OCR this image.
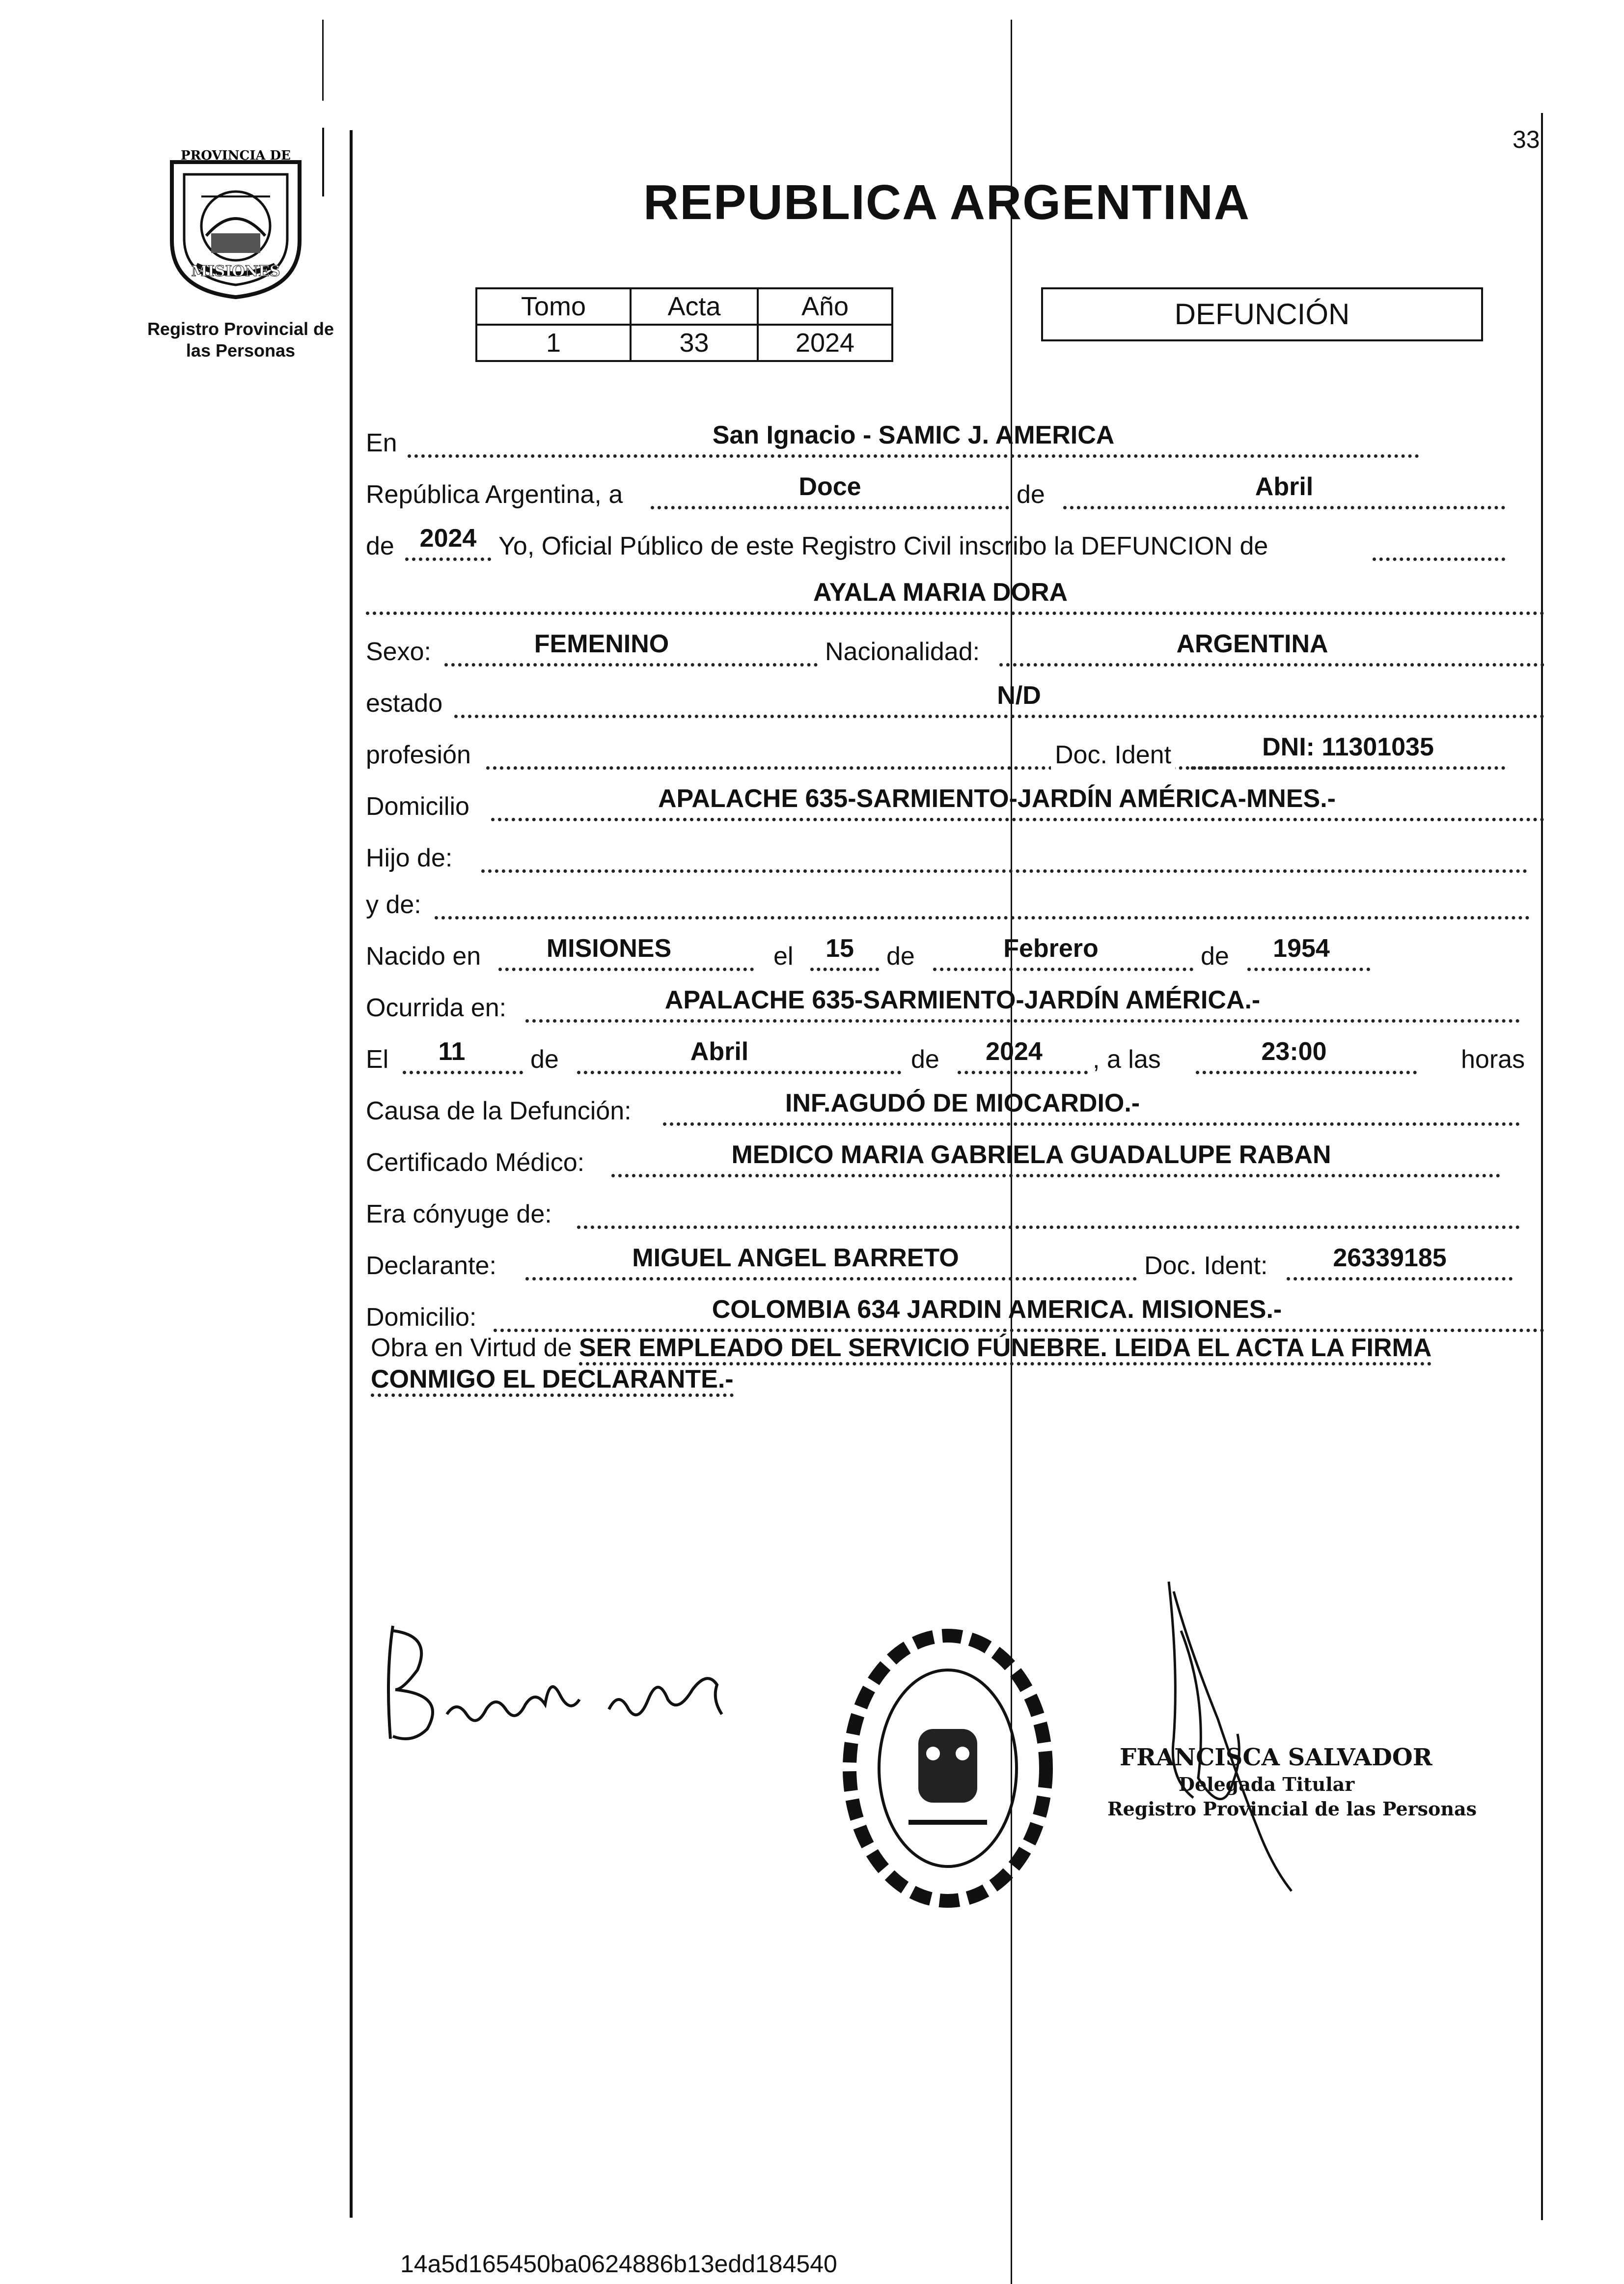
PROVINCIA DE
MISIONES
Registro Provincial de
las Personas
33
REPUBLICA ARGENTINA
Tomo	Acta	Año
1	33	2024
DEFUNCIÓN
En	San Ignacio - SAMIC J. AMERICA
República Argentina, a	Doce	de	Abril
de 2024 Yo, Oficial Público de este Registro Civil inscribo la DEFUNCION de
AYALA MARIA DORA
Sexo:	FEMENINO	Nacionalidad:	ARGENTINA
estado	N/D
profesión	Doc. Ident	DNI: 11301035
Domicilio	APALACHE 635-SARMIENTO-JARDÍN AMÉRICA-MNES.-
Hijo de:
y de:
Nacido en	MISIONES	el	15	de	Febrero	de	1954
Ocurrida en:	APALACHE 635-SARMIENTO-JARDÍN AMÉRICA.-
El	11	de	Abril	de	2024	, a las	23:00	horas
Causa de la Defunción:	INF.AGUDÓ DE MIOCARDIO.-
Certificado Médico:	MEDICO MARIA GABRIELA GUADALUPE RABAN
Era cónyuge de:
Declarante:	MIGUEL ANGEL BARRETO	Doc. Ident:	26339185
Domicilio:	COLOMBIA 634 JARDIN AMERICA. MISIONES.-
Obra en Virtud de SER EMPLEADO DEL SERVICIO FÚNEBRE. LEIDA EL ACTA LA FIRMA CONMIGO EL DECLARANTE.-
FRANCISCA SALVADOR
Delegada Titular
Registro Provincial de las Personas
14a5d165450ba0624886b13edd184540
